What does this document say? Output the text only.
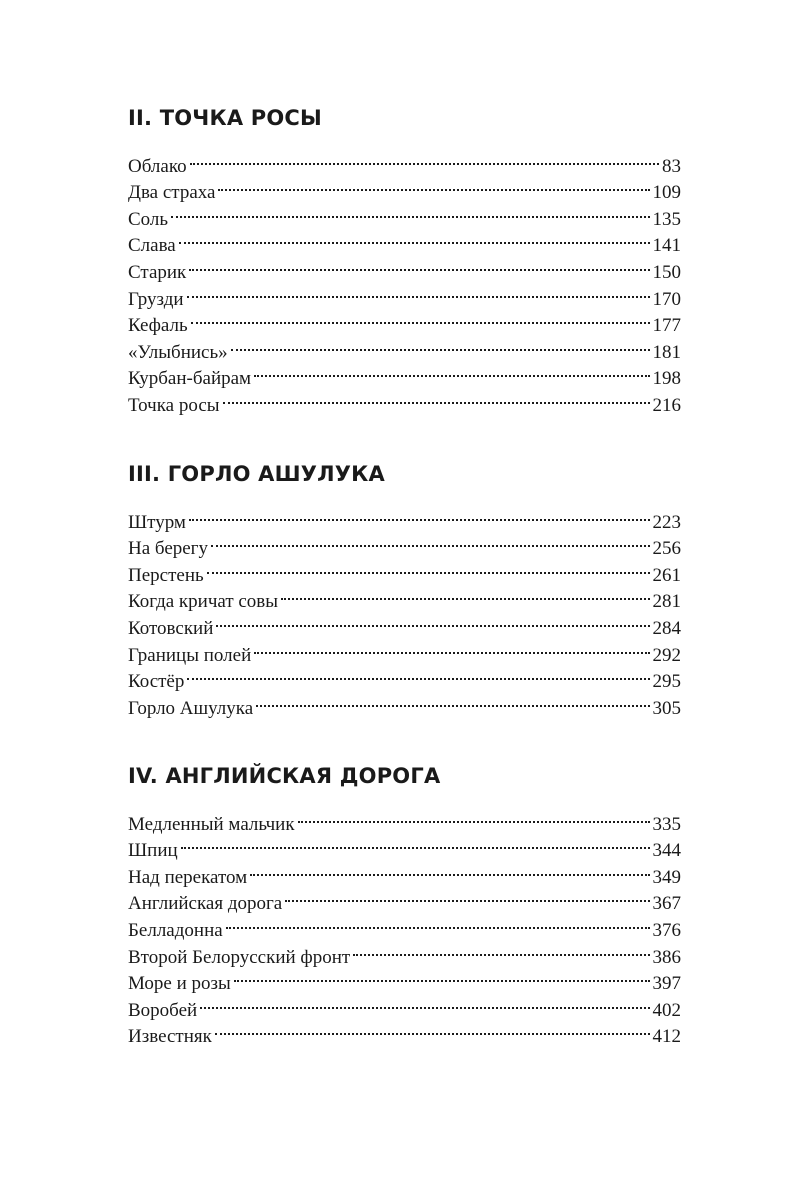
II. ТОЧКА РОСЫ
Облако	83
Два страха	109
Соль	135
Слава	141
Старик	150
Грузди	170
Кефаль	177
«Улыбнись»	181
Курбан-байрам	198
Точка росы	216
III. ГОРЛО АШУЛУКА
Штурм	223
На берегу	256
Перстень	261
Когда кричат совы	281
Котовский	284
Границы полей	292
Костёр	295
Горло Ашулука	305
IV. АНГЛИЙСКАЯ ДОРОГА
Медленный мальчик	335
Шпиц	344
Над перекатом	349
Английская дорога	367
Белладонна	376
Второй Белорусский фронт	386
Море и розы	397
Воробей	402
Известняк	412
